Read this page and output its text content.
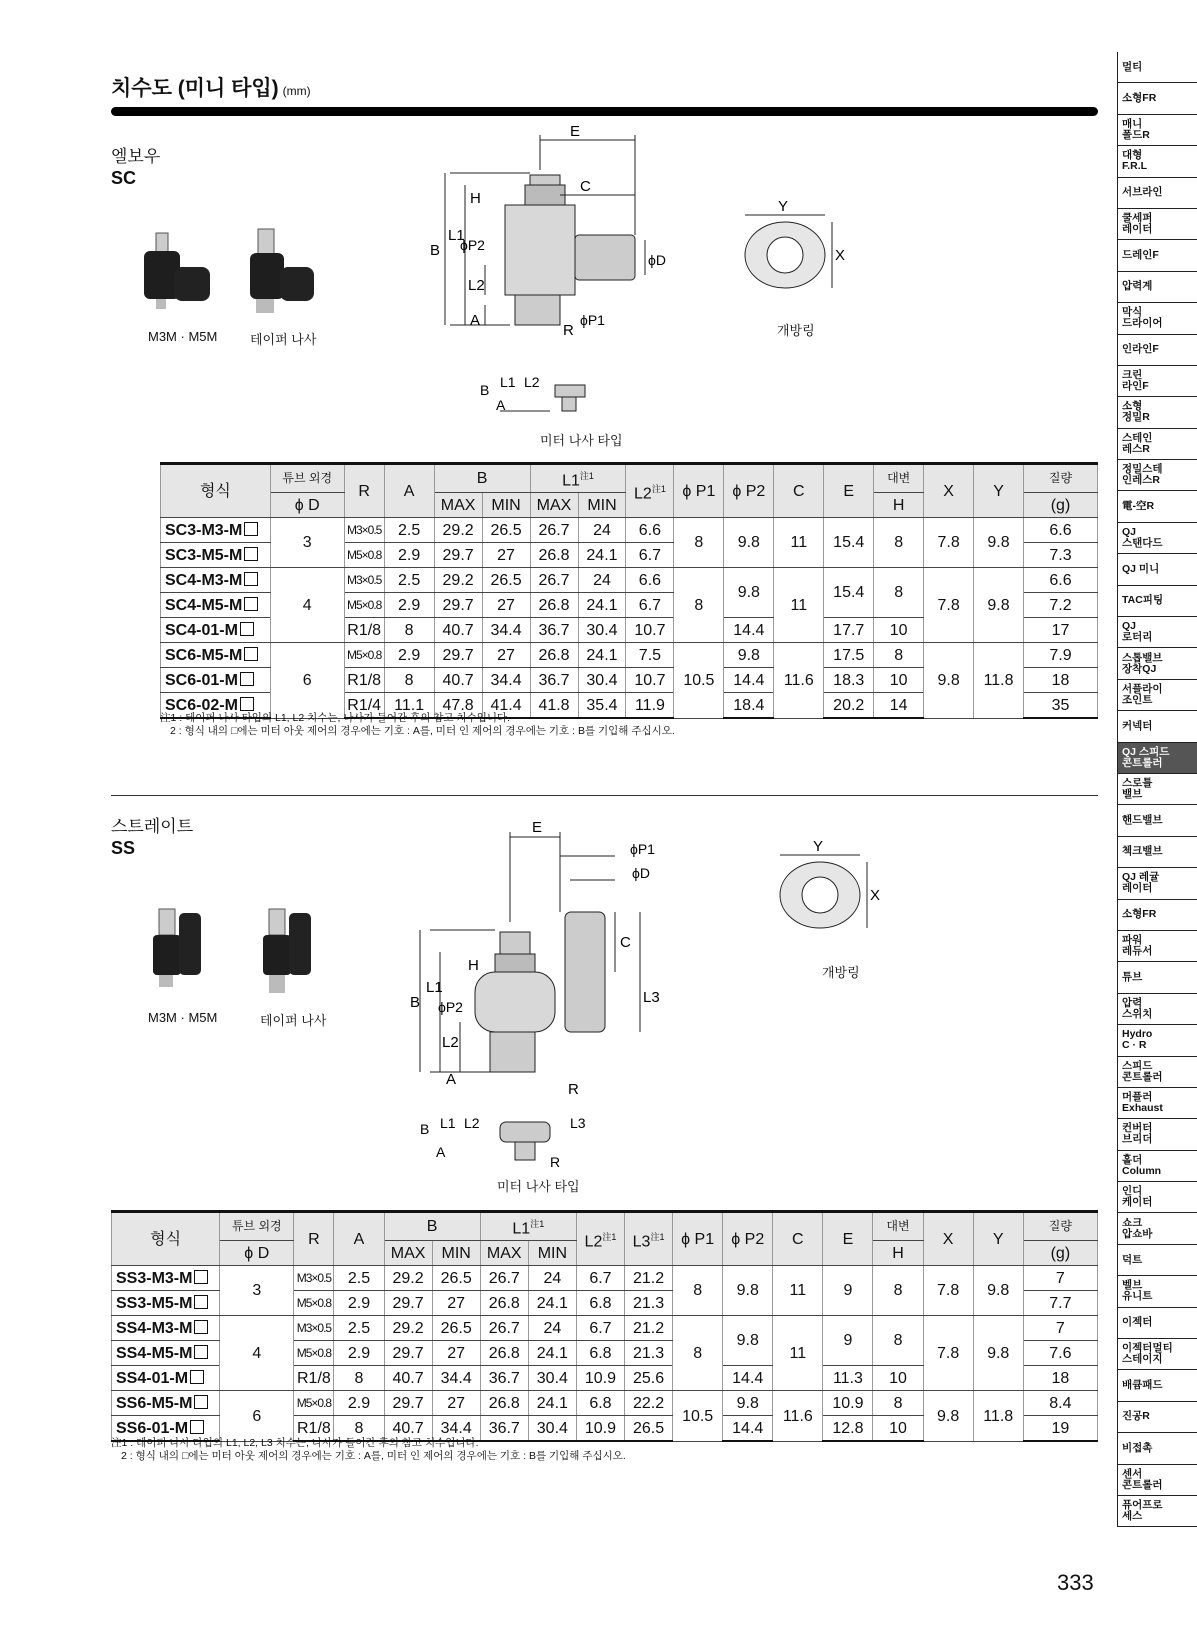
치수도 (미니 타입) (mm)
엘보우
SC
M3M · M5M	테이퍼 나사
E
C
H
B
L1
ϕP2
L2
A
R
ϕP1
ϕD
Y
X
개방링
B L1 L2
A
미터 나사 타입
형식	튜브 외경	R	A	B		L1$^{注1}$		L2$^{注1}$	ϕ P1	ϕ P2	C	E	대변	X	Y	질량
	ϕ D			MAX	MIN	MAX	MIN						H			(g)
SC3-M3-M	3	M3×0.5	2.5	29.2	26.5	26.7	24	6.6	8	9.8	11	15.4	8	7.8	9.8	6.6
SC3-M5-M		M5×0.8	2.9	29.7	27	26.8	24.1	6.7								7.3
SC4-M3-M	4	M3×0.5	2.5	29.2	26.5	26.7	24	6.6	8	9.8	11	15.4	8	7.8	9.8	6.6
SC4-M5-M		M5×0.8	2.9	29.7	27	26.8	24.1	6.7								7.2
SC4-01-M		R1/8	8	40.7	34.4	36.7	30.4	10.7		14.4		17.7	10			17
SC6-M5-M	6	M5×0.8	2.9	29.7	27	26.8	24.1	7.5	10.5	9.8	11.6	17.5	8	9.8	11.8	7.9
SC6-01-M		R1/8	8	40.7	34.4	36.7	30.4	10.7		14.4		18.3	10			18
SC6-02-M		R1/4	11.1	47.8	41.4	41.8	35.4	11.9		18.4		20.2	14			35
注1 : 테이퍼 나사 타입의 L1, L2 치수는, 나사가 들어간 후의 참고 치수입니다.
2 : 형식 내의 □에는 미터 아웃 제어의 경우에는 기호 : A를, 미터 인 제어의 경우에는 기호 : B를 기입해 주십시오.
스트레이트
SS
M3M · M5M	테이퍼 나사
E
ϕP1
ϕD
C
L3
H
B
L1
ϕP2
L2
A
R
Y
X
개방링
B L1 L2	L3
A
R
미터 나사 타입
형식	튜브 외경	R	A	B		L1$^{注1}$		L2$^{注1}$	L3$^{注1}$	ϕ P1	ϕ P2	C	E	대변	X	Y	질량
	ϕ D			MAX	MIN	MAX	MIN							H			(g)
SS3-M3-M	3	M3×0.5	2.5	29.2	26.5	26.7	24	6.7	21.2	8	9.8	11	9	8	7.8	9.8	7
SS3-M5-M		M5×0.8	2.9	29.7	27	26.8	24.1	6.8	21.3								7.7
SS4-M3-M	4	M3×0.5	2.5	29.2	26.5	26.7	24	6.7	21.2	8	9.8	11	9	8	7.8	9.8	7
SS4-M5-M		M5×0.8	2.9	29.7	27	26.8	24.1	6.8	21.3								7.6
SS4-01-M		R1/8	8	40.7	34.4	36.7	30.4	10.9	25.6		14.4		11.3	10			18
SS6-M5-M	6	M5×0.8	2.9	29.7	27	26.8	24.1	6.8	22.2	10.5	9.8	11.6	10.9	8	9.8	11.8	8.4
SS6-01-M		R1/8	8	40.7	34.4	36.7	30.4	10.9	26.5		14.4		12.8	10			19
注1 : 테이퍼 나사 타입의 L1, L2, L3 치수는, 나사가 들어간 후의 참고 치수입니다.
2 : 형식 내의 □에는 미터 아웃 제어의 경우에는 기호 : A를, 미터 인 제어의 경우에는 기호 : B를 기입해 주십시오.
멀티
소형FR
매니
폴드R
대형
F.R.L
서브라인
쿨세퍼
레이터
드레인F
압력계
막식
드라이어
인라인F
크린
라인F
소형
정밀R
스테인
레스R
정밀스테
인레스R
電-空R
QJ
스탠다드
QJ 미니
TAC피팅
QJ
로터리
스톱밸브
장착QJ
서플라이
조인트
커넥터
QJ 스피드
콘트롤러
스로틀
밸브
핸드밸브
첵크밸브
QJ 레귤
레이터
소형FR
파워
레듀서
튜브
압력
스위치
Hydro
C · R
스피드
콘트롤러
머플러
Exhaust
컨버터
브리더
홀더
Column
인디
케이터
쇼크
압쇼바
덕트
벨브
유니트
이젝터
이젝터멀티
스테이지
배큠패드
진공R
비접촉
센서
콘트롤러
퓨어프로
세스
333
